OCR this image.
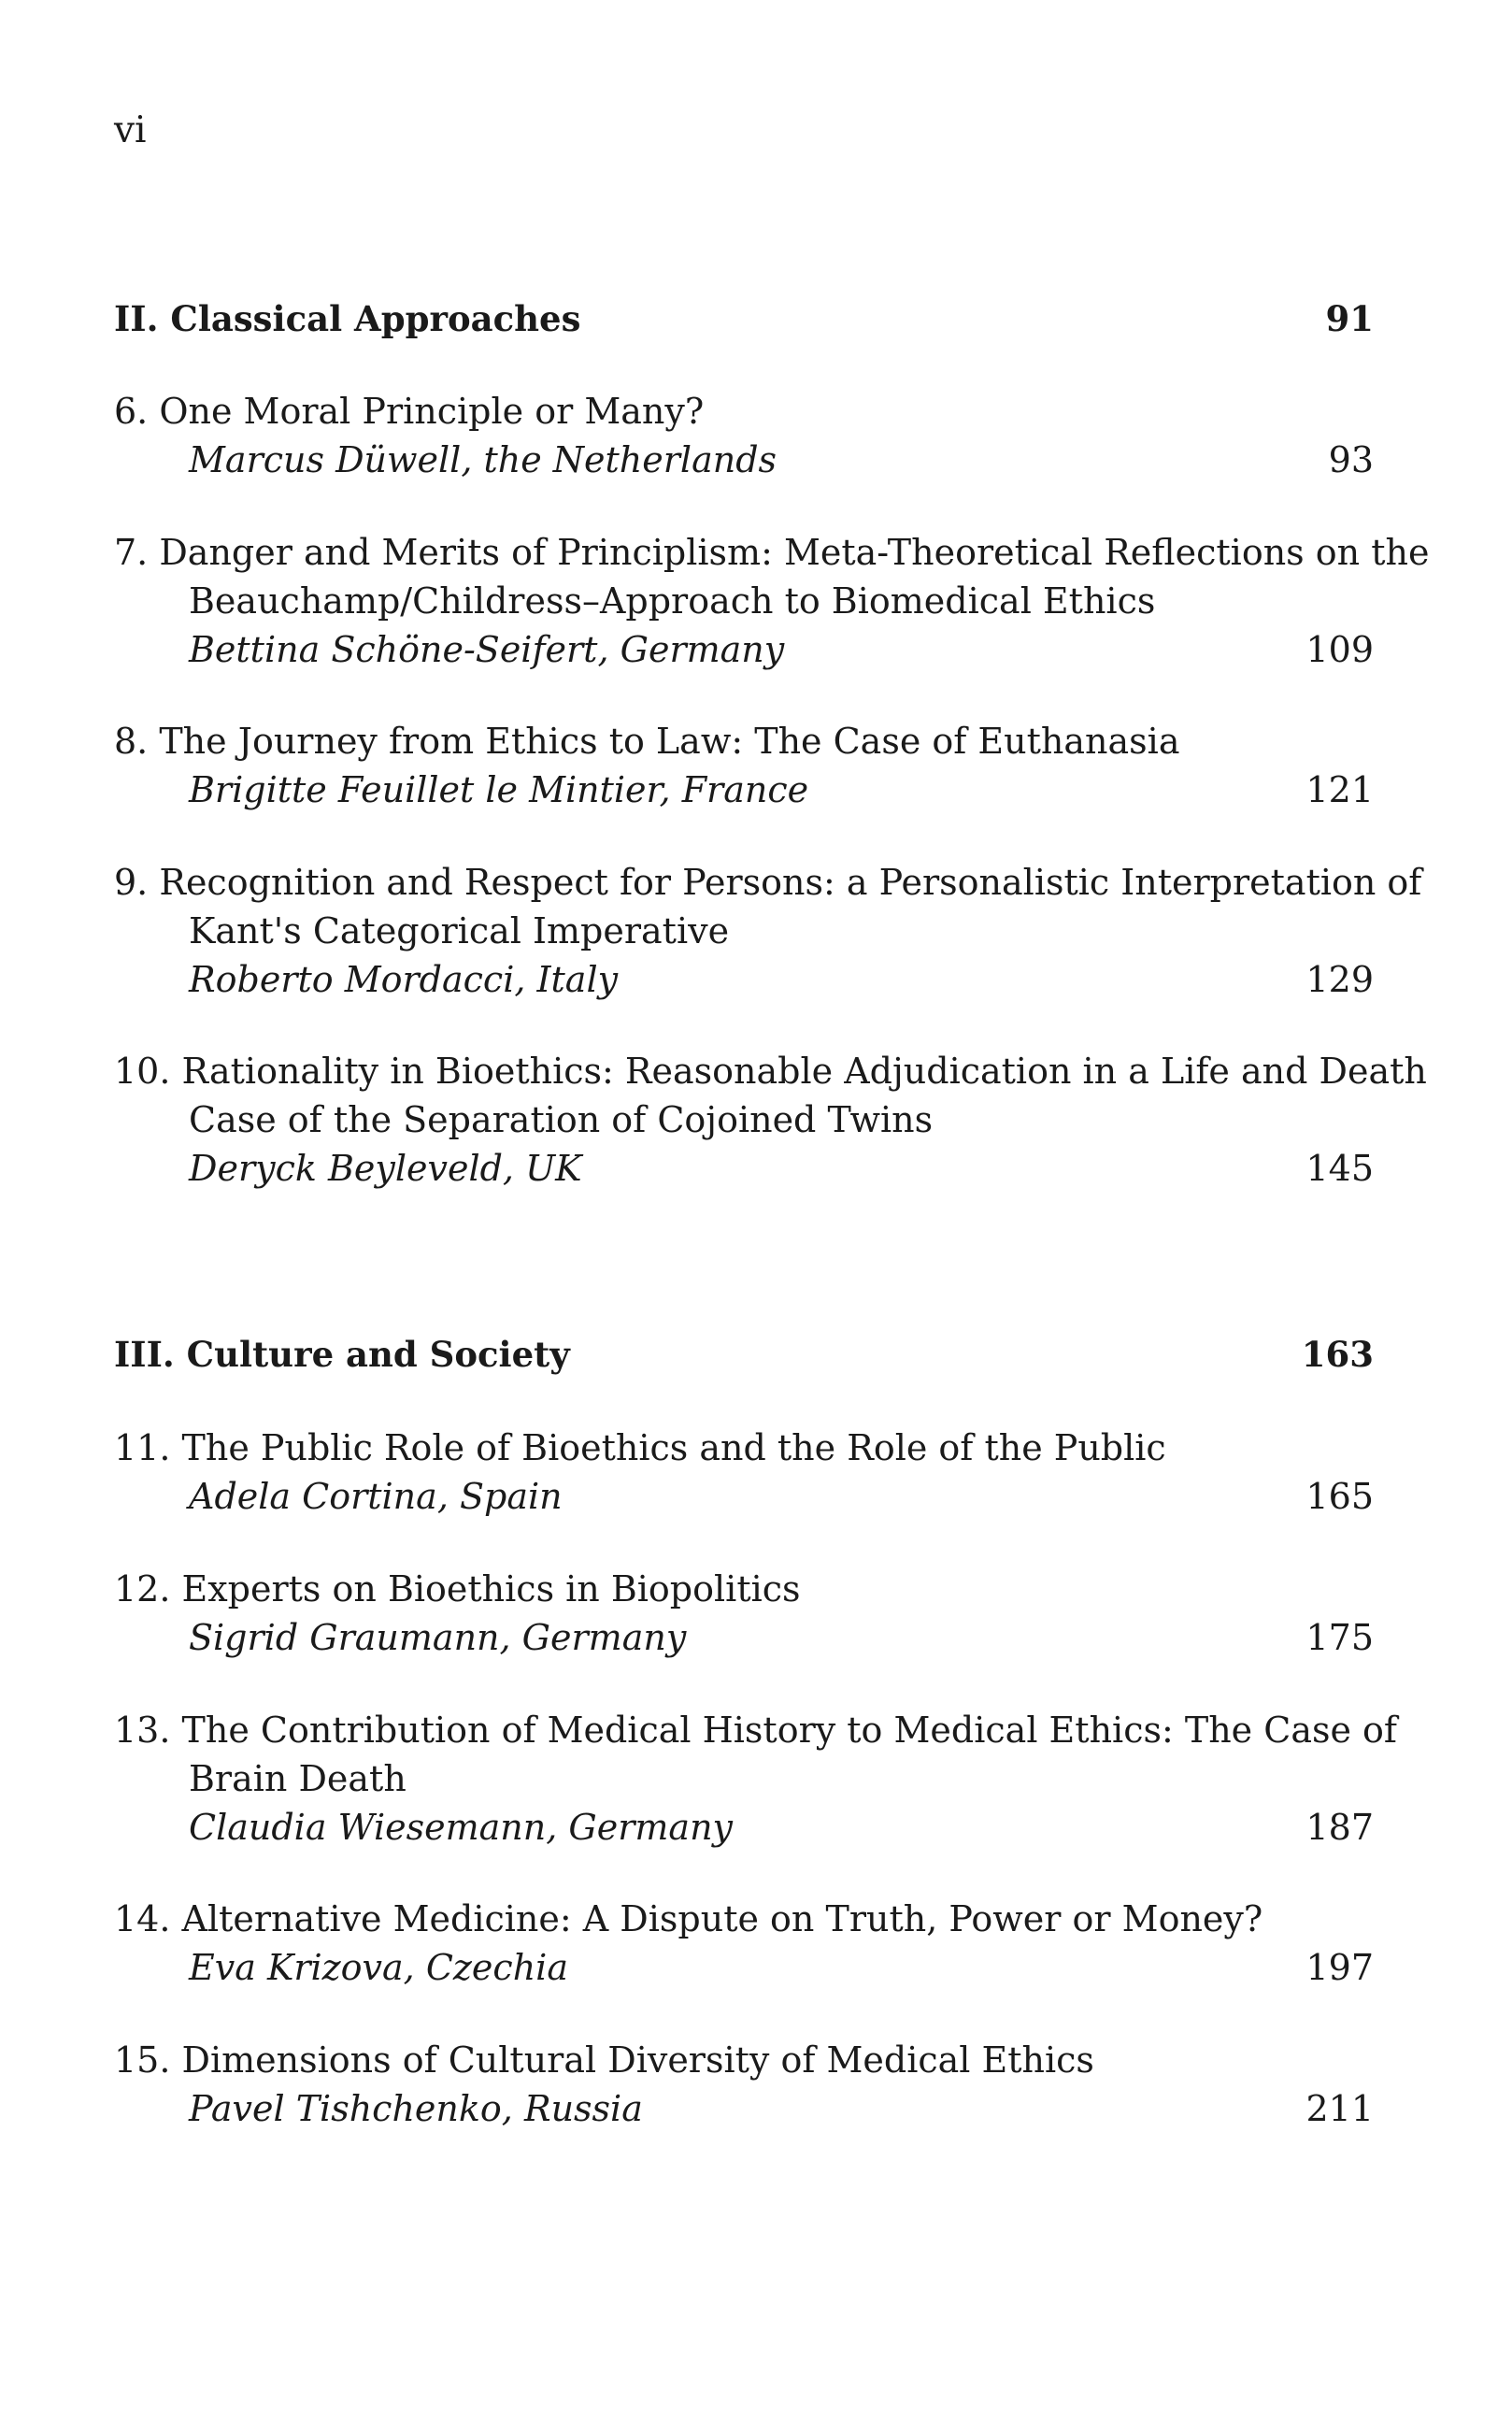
vi
II. Classical Approaches	91
6. One Moral Principle or Many?
Marcus Düwell, the Netherlands	93
7. Danger and Merits of Principlism: Meta-Theoretical Reflections on the
Beauchamp/Childress–Approach to Biomedical Ethics
Bettina Schöne-Seifert, Germany	109
8. The Journey from Ethics to Law: The Case of Euthanasia
Brigitte Feuillet le Mintier, France	121
9. Recognition and Respect for Persons: a Personalistic Interpretation of
Kant's Categorical Imperative
Roberto Mordacci, Italy	129
10. Rationality in Bioethics: Reasonable Adjudication in a Life and Death
Case of the Separation of Cojoined Twins
Deryck Beyleveld, UK	145
III. Culture and Society	163
11. The Public Role of Bioethics and the Role of the Public
Adela Cortina, Spain	165
12. Experts on Bioethics in Biopolitics
Sigrid Graumann, Germany	175
13. The Contribution of Medical History to Medical Ethics: The Case of
Brain Death
Claudia Wiesemann, Germany	187
14. Alternative Medicine: A Dispute on Truth, Power or Money?
Eva Krizova, Czechia	197
15. Dimensions of Cultural Diversity of Medical Ethics
Pavel Tishchenko, Russia	211
